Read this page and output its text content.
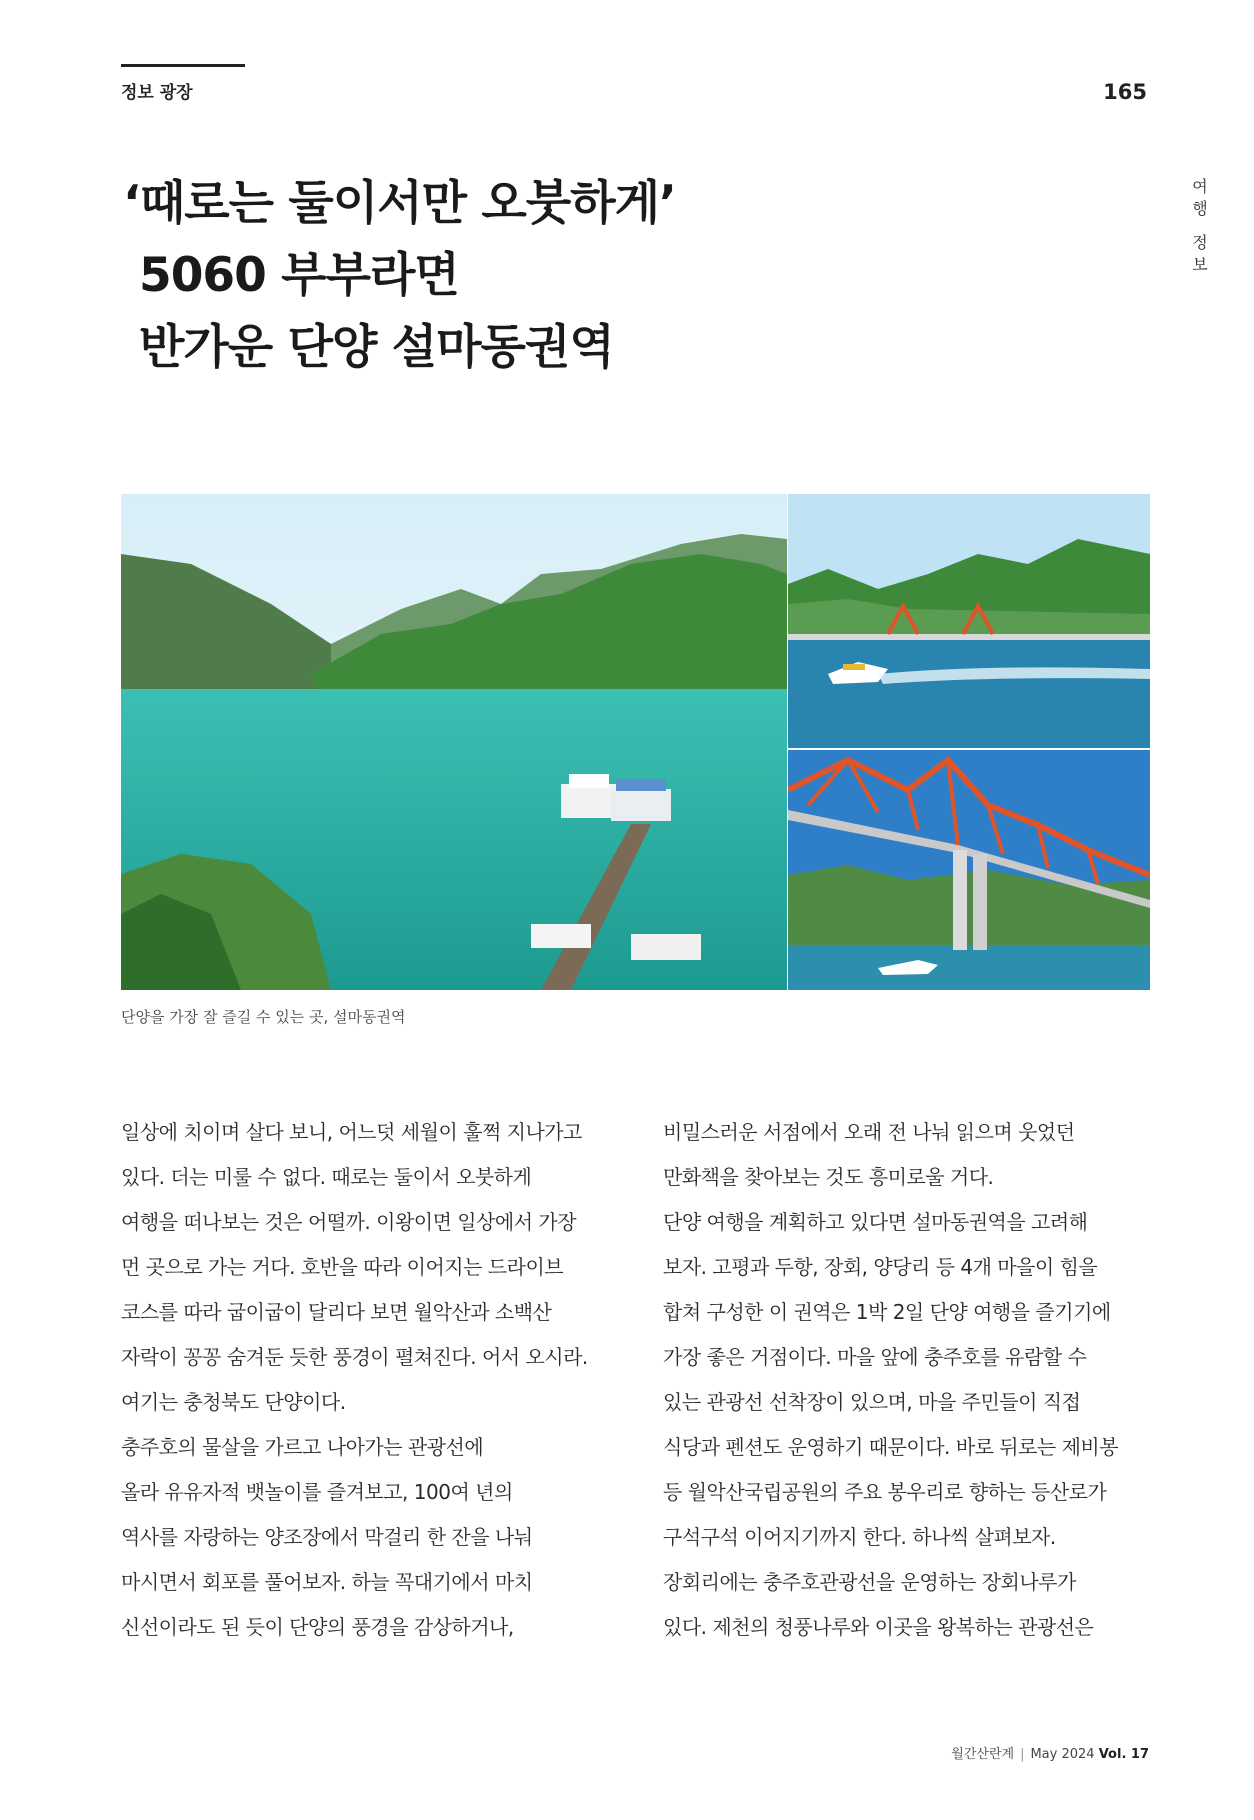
정보 광장	165
여
행
정
보
‘때로는 둘이서만 오붓하게’
5060 부부라면
반가운 단양 설마동권역
단양을 가장 잘 즐길 수 있는 곳, 설마동권역
일상에 치이며 살다 보니, 어느덧 세월이 훌쩍 지나가고
있다. 더는 미룰 수 없다. 때로는 둘이서 오붓하게
여행을 떠나보는 것은 어떨까. 이왕이면 일상에서 가장
먼 곳으로 가는 거다. 호반을 따라 이어지는 드라이브
코스를 따라 굽이굽이 달리다 보면 월악산과 소백산
자락이 꽁꽁 숨겨둔 듯한 풍경이 펼쳐진다. 어서 오시라.
여기는 충청북도 단양이다.
충주호의 물살을 가르고 나아가는 관광선에
올라 유유자적 뱃놀이를 즐겨보고, 100여 년의
역사를 자랑하는 양조장에서 막걸리 한 잔을 나눠
마시면서 회포를 풀어보자. 하늘 꼭대기에서 마치
신선이라도 된 듯이 단양의 풍경을 감상하거나,
비밀스러운 서점에서 오래 전 나눠 읽으며 웃었던
만화책을 찾아보는 것도 흥미로울 거다.
단양 여행을 계획하고 있다면 설마동권역을 고려해
보자. 고평과 두항, 장회, 양당리 등 4개 마을이 힘을
합쳐 구성한 이 권역은 1박 2일 단양 여행을 즐기기에
가장 좋은 거점이다. 마을 앞에 충주호를 유람할 수
있는 관광선 선착장이 있으며, 마을 주민들이 직접
식당과 펜션도 운영하기 때문이다. 바로 뒤로는 제비봉
등 월악산국립공원의 주요 봉우리로 향하는 등산로가
구석구석 이어지기까지 한다. 하나씩 살펴보자.
장회리에는 충주호관광선을 운영하는 장회나루가
있다. 제천의 청풍나루와 이곳을 왕복하는 관광선은
월간산란계 | May 2024 Vol. 17
